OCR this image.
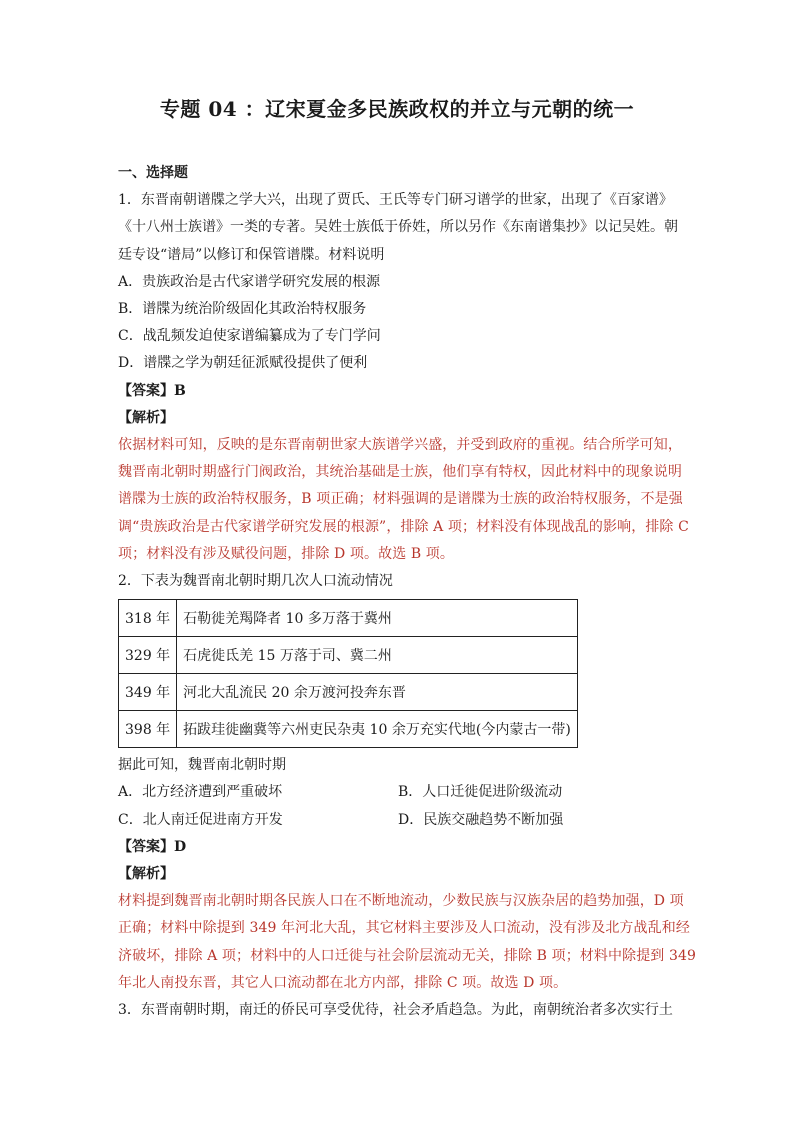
专题 04 ：辽宋夏金多民族政权的并立与元朝的统一
一、选择题
1．东晋南朝谱牒之学大兴，出现了贾氏、王氏等专门研习谱学的世家，出现了《百家谱》
《十八州士族谱》一类的专著。吴姓士族低于侨姓，所以另作《东南谱集抄》以记吴姓。朝
廷专设“谱局”以修订和保管谱牒。材料说明
A．贵族政治是古代家谱学研究发展的根源
B．谱牒为统治阶级固化其政治特权服务
C．战乱频发迫使家谱编纂成为了专门学问
D．谱牒之学为朝廷征派赋役提供了便利
【答案】B
【解析】
依据材料可知，反映的是东晋南朝世家大族谱学兴盛，并受到政府的重视。结合所学可知，
魏晋南北朝时期盛行门阀政治，其统治基础是士族，他们享有特权，因此材料中的现象说明
谱牒为士族的政治特权服务，B 项正确；材料强调的是谱牒为士族的政治特权服务，不是强
调“贵族政治是古代家谱学研究发展的根源”，排除 A 项；材料没有体现战乱的影响，排除 C
项；材料没有涉及赋役问题，排除 D 项。故选 B 项。
2．下表为魏晋南北朝时期几次人口流动情况
318 年	石勒徙羌羯降者 10 多万落于冀州
329 年	石虎徙氐羌 15 万落于司、冀二州
349 年	河北大乱流民 20 余万渡河投奔东晋
398 年	拓跋珪徙幽冀等六州吏民杂夷 10 余万充实代地(今内蒙古一带)
据此可知，魏晋南北朝时期
A．北方经济遭到严重破坏	B．人口迁徙促进阶级流动
C．北人南迁促进南方开发	D．民族交融趋势不断加强
【答案】D
【解析】
材料提到魏晋南北朝时期各民族人口在不断地流动，少数民族与汉族杂居的趋势加强，D 项
正确；材料中除提到 349 年河北大乱，其它材料主要涉及人口流动，没有涉及北方战乱和经
济破坏，排除 A 项；材料中的人口迁徙与社会阶层流动无关，排除 B 项；材料中除提到 349
年北人南投东晋，其它人口流动都在北方内部，排除 C 项。故选 D 项。
3．东晋南朝时期，南迁的侨民可享受优待，社会矛盾趋急。为此，南朝统治者多次实行土
